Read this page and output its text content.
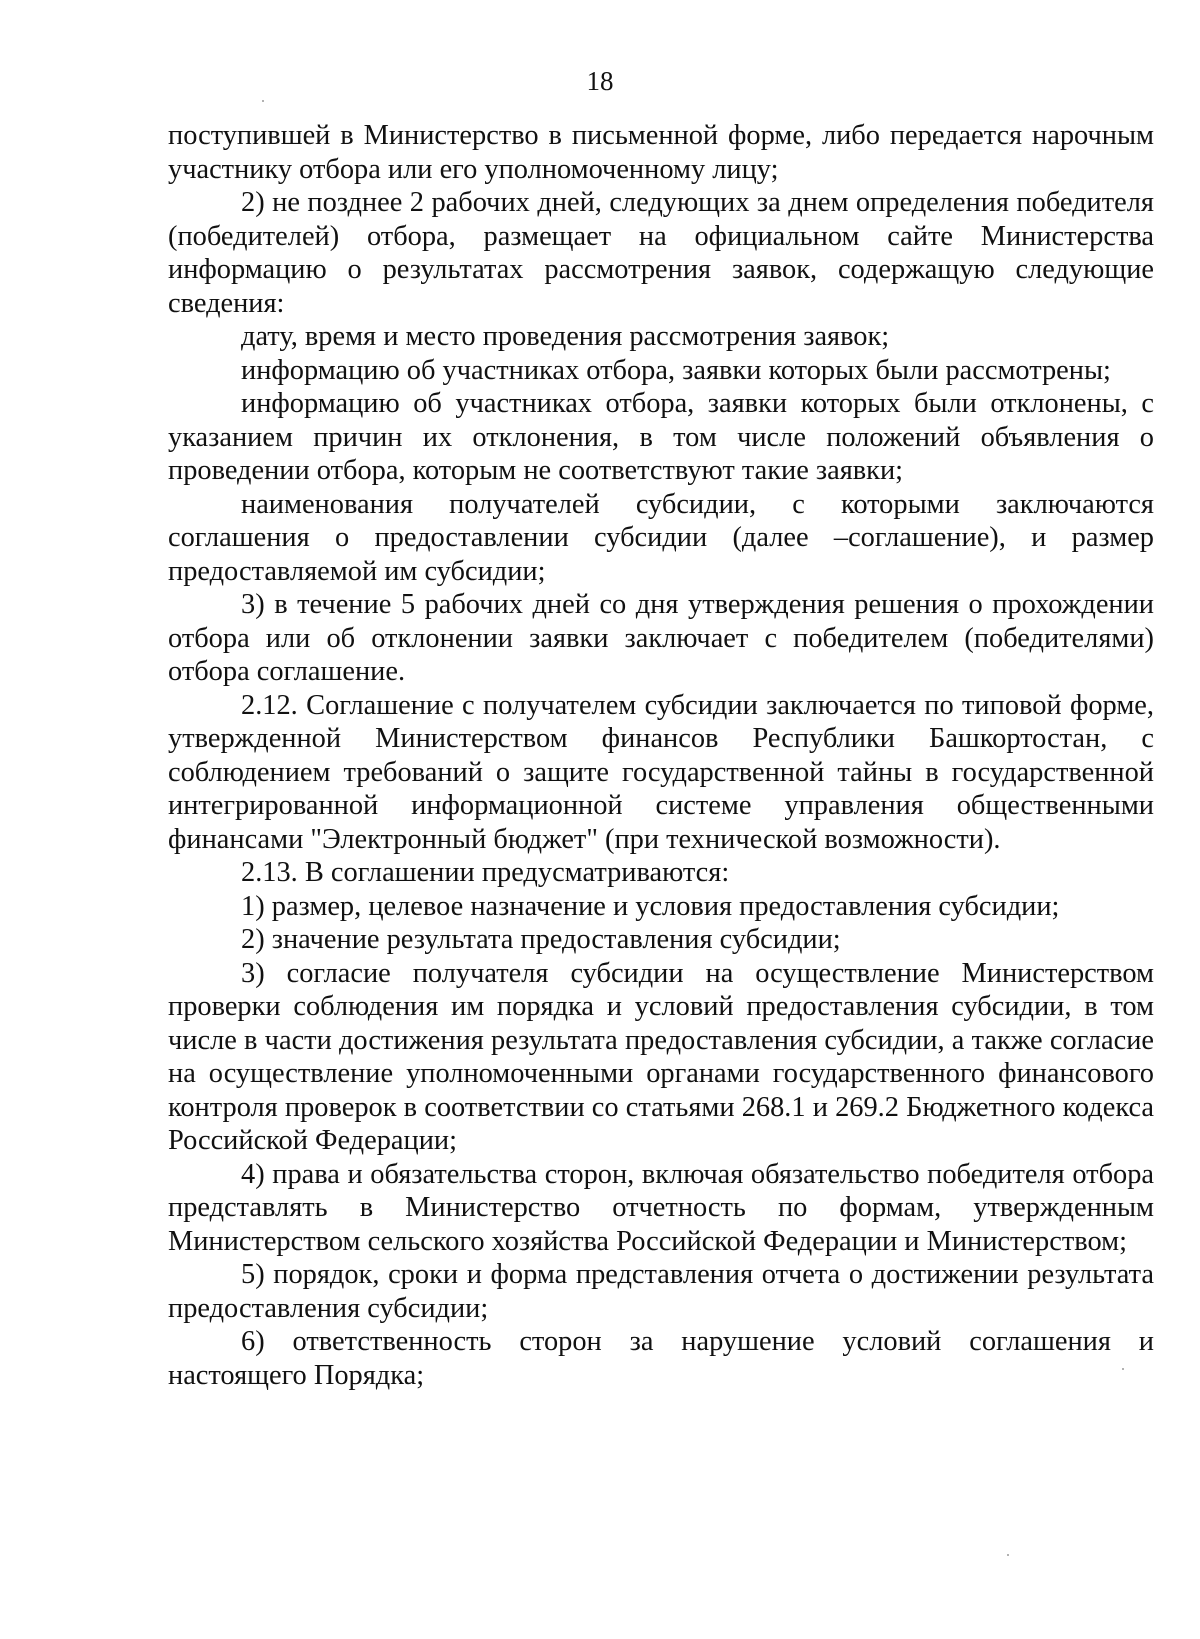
18

поступившей в Министерство в письменной форме, либо передается нарочным участнику отбора или его уполномоченному лицу;

2) не позднее 2 рабочих дней, следующих за днем определения победителя (победителей) отбора, размещает на официальном сайте Министерства информацию о результатах рассмотрения заявок, содержащую следующие сведения:

дату, время и место проведения рассмотрения заявок;

информацию об участниках отбора, заявки которых были рассмотрены;

информацию об участниках отбора, заявки которых были отклонены, с указанием причин их отклонения, в том числе положений объявления о проведении отбора, которым не соответствуют такие заявки;

наименования получателей субсидии, с которыми заключаются соглашения о предоставлении субсидии (далее –соглашение), и размер предоставляемой им субсидии;

3) в течение 5 рабочих дней со дня утверждения решения о прохождении отбора или об отклонении заявки заключает с победителем (победителями) отбора соглашение.

2.12. Соглашение с получателем субсидии заключается по типовой форме, утвержденной Министерством финансов Республики Башкортостан, с соблюдением требований о защите государственной тайны в государственной интегрированной информационной системе управления общественными финансами "Электронный бюджет" (при технической возможности).

2.13. В соглашении предусматриваются:

1) размер, целевое назначение и условия предоставления субсидии;

2) значение результата предоставления субсидии;

3) согласие получателя субсидии на осуществление Министерством проверки соблюдения им порядка и условий предоставления субсидии, в том числе в части достижения результата предоставления субсидии, а также согласие на осуществление уполномоченными органами государственного финансового контроля проверок в соответствии со статьями 268.1 и 269.2 Бюджетного кодекса Российской Федерации;

4) права и обязательства сторон, включая обязательство победителя отбора представлять в Министерство отчетность по формам, утвержденным Министерством сельского хозяйства Российской Федерации и Министерством;

5) порядок, сроки и форма представления отчета о достижении результата предоставления субсидии;

6) ответственность сторон за нарушение условий соглашения и настоящего Порядка;
